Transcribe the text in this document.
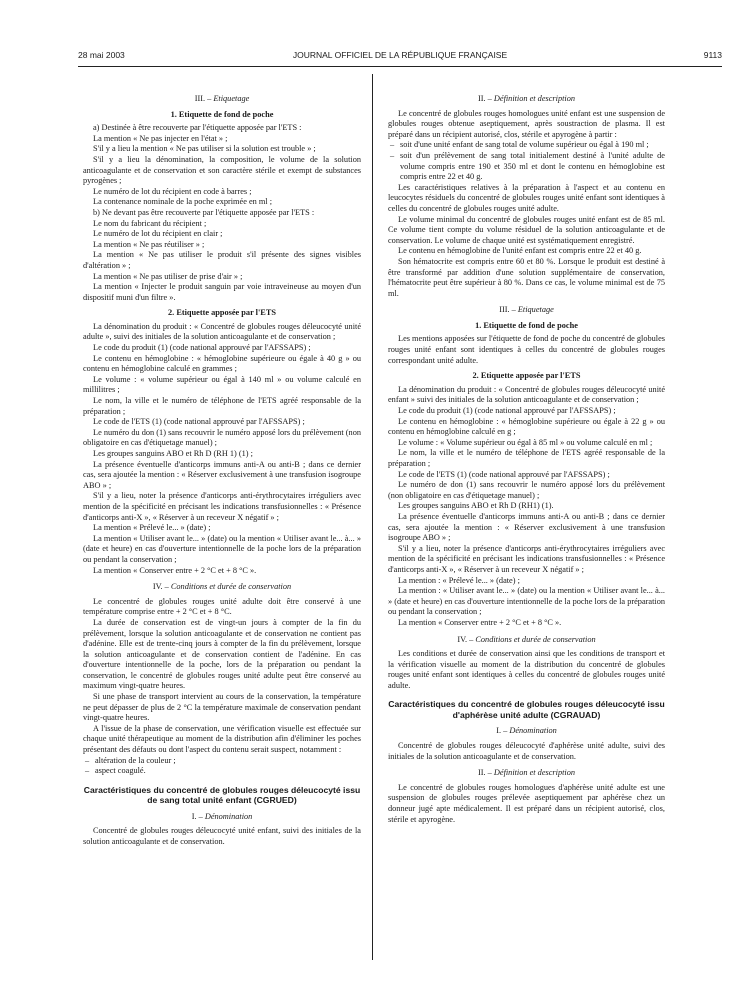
28 mai 2003	JOURNAL OFFICIEL DE LA RÉPUBLIQUE FRANÇAISE	9113
III. – Etiquetage
1. Etiquette de fond de poche

a) Destinée à être recouverte par l'étiquette apposée par l'ETS :

La mention « Ne pas injecter en l'état » ;

S'il y a lieu la mention « Ne pas utiliser si la solution est trouble » ;

S'il y a lieu la dénomination, la composition, le volume de la solution anticoagulante et de conservation et son caractère stérile et exempt de substances pyrogènes ;

Le numéro de lot du récipient en code à barres ;

La contenance nominale de la poche exprimée en ml ;

b) Ne devant pas être recouverte par l'étiquette apposée par l'ETS :

Le nom du fabricant du récipient ;

Le numéro de lot du récipient en clair ;

La mention « Ne pas réutiliser » ;

La mention « Ne pas utiliser le produit s'il présente des signes visibles d'altération » ;

La mention « Ne pas utiliser de prise d'air » ;

La mention « Injecter le produit sanguin par voie intraveineuse au moyen d'un dispositif muni d'un filtre ».

2. Etiquette apposée par l'ETS

La dénomination du produit : « Concentré de globules rouges déleucocyté unité adulte », suivi des initiales de la solution anticoagulante et de conservation ;

Le code du produit (1) (code national approuvé par l'AFSSAPS) ;

Le contenu en hémoglobine : « hémoglobine supérieure ou égale à 40 g » ou contenu en hémoglobine calculé en grammes ;

Le volume : « volume supérieur ou égal à 140 ml » ou volume calculé en millilitres ;

Le nom, la ville et le numéro de téléphone de l'ETS agréé responsable de la préparation ;

Le code de l'ETS (1) (code national approuvé par l'AFSSAPS) ;

Le numéro du don (1) sans recouvrir le numéro apposé lors du prélèvement (non obligatoire en cas d'étiquetage manuel) ;

Les groupes sanguins ABO et Rh D (RH 1) (1) ;

La présence éventuelle d'anticorps immuns anti-A ou anti-B ; dans ce dernier cas, sera ajoutée la mention : « Réserver exclusivement à une transfusion isogroupe ABO » ;

S'il y a lieu, noter la présence d'anticorps anti-érythrocytaires irréguliers avec mention de la spécificité en précisant les indications transfusionnelles : « Présence d'anticorps anti-X », « Réserver à un receveur X négatif » ;

La mention « Prélevé le... » (date) ;

La mention « Utiliser avant le... » (date) ou la mention « Utiliser avant le... à... » (date et heure) en cas d'ouverture intentionnelle de la poche lors de la préparation ou pendant la conservation ;

La mention « Conserver entre + 2 °C et + 8 °C ».

IV. – Conditions et durée de conservation

Le concentré de globules rouges unité adulte doit être conservé à une température comprise entre + 2 °C et + 8 °C.

La durée de conservation est de vingt-un jours à compter de la fin du prélèvement, lorsque la solution anticoagulante et de conservation ne contient pas d'adénine. Elle est de trente-cinq jours à compter de la fin du prélèvement, lorsque la solution anticoagulante et de conservation contient de l'adénine. En cas d'ouverture intentionnelle de la poche, lors de la préparation ou pendant la conservation, le concentré de globules rouges unité adulte peut être conservé au maximum vingt-quatre heures.

Si une phase de transport intervient au cours de la conservation, la température ne peut dépasser de plus de 2 °C la température maximale de conservation pendant vingt-quatre heures.

A l'issue de la phase de conservation, une vérification visuelle est effectuée sur chaque unité thérapeutique au moment de la distribution afin d'éliminer les poches présentant des défauts ou dont l'aspect du contenu serait suspect, notamment :

– altération de la couleur ;

– aspect coagulé.

Caractéristiques du concentré de globules rouges déleucocyté issu de sang total unité enfant (CGRUED)
I. – Dénomination

Concentré de globules rouges déleucocyté unité enfant, suivi des initiales de la solution anticoagulante et de conservation.

II. – Définition et description

Le concentré de globules rouges homologues unité enfant est une suspension de globules rouges obtenue aseptiquement, après soustraction de plasma. Il est préparé dans un récipient autorisé, clos, stérile et apyrogène à partir :

– soit d'une unité enfant de sang total de volume supérieur ou égal à 190 ml ;

– soit d'un prélèvement de sang total initialement destiné à l'unité adulte de volume compris entre 190 et 350 ml et dont le contenu en hémoglobine est compris entre 22 et 40 g.

Les caractéristiques relatives à la préparation à l'aspect et au contenu en leucocytes résiduels du concentré de globules rouges unité enfant sont identiques à celles du concentré de globules rouges unité adulte.

Le volume minimal du concentré de globules rouges unité enfant est de 85 ml. Ce volume tient compte du volume résiduel de la solution anticoagulante et de conservation. Le volume de chaque unité est systématiquement enregistré.

Le contenu en hémoglobine de l'unité enfant est compris entre 22 et 40 g.

Son hématocrite est compris entre 60 et 80 %. Lorsque le produit est destiné à être transformé par addition d'une solution supplémentaire de conservation, l'hématocrite peut être supérieur à 80 %. Dans ce cas, le volume minimal est de 75 ml.

III. – Etiquetage
1. Etiquette de fond de poche

Les mentions apposées sur l'étiquette de fond de poche du concentré de globules rouges unité enfant sont identiques à celles du concentré de globules rouges correspondant unité adulte.

2. Etiquette apposée par l'ETS

La dénomination du produit : « Concentré de globules rouges déleucocyté unité enfant » suivi des initiales de la solution anticoagulante et de conservation ;

Le code du produit (1) (code national approuvé par l'AFSSAPS) ;

Le contenu en hémoglobine : « hémoglobine supérieure ou égale à 22 g » ou contenu en hémoglobine calculé en g ;

Le volume : « Volume supérieur ou égal à 85 ml » ou volume calculé en ml ;

Le nom, la ville et le numéro de téléphone de l'ETS agréé responsable de la préparation ;

Le code de l'ETS (1) (code national approuvé par l'AFSSAPS) ;

Le numéro de don (1) sans recouvrir le numéro apposé lors du prélèvement (non obligatoire en cas d'étiquetage manuel) ;

Les groupes sanguins ABO et Rh D (RH1) (1).

La présence éventuelle d'anticorps immuns anti-A ou anti-B ; dans ce dernier cas, sera ajoutée la mention : « Réserver exclusivement à une transfusion isogroupe ABO » ;

S'il y a lieu, noter la présence d'anticorps anti-érythrocytaires irréguliers avec mention de la spécificité en précisant les indications transfusionnelles : « Présence d'anticorps anti-X », « Réserver à un receveur X négatif » ;

La mention : « Prélevé le... » (date) ;

La mention : « Utiliser avant le... » (date) ou la mention « Utiliser avant le... à... » (date et heure) en cas d'ouverture intentionnelle de la poche lors de la préparation ou pendant la conservation ;

La mention « Conserver entre + 2 °C et + 8 °C ».

IV. – Conditions et durée de conservation

Les conditions et durée de conservation ainsi que les conditions de transport et la vérification visuelle au moment de la distribution du concentré de globules rouges unité enfant sont identiques à celles du concentré de globules rouges unité adulte.

Caractéristiques du concentré de globules rouges déleucocyté issu d'aphérèse unité adulte (CGRAUAD)
I. – Dénomination

Concentré de globules rouges déleucocyté d'aphérèse unité adulte, suivi des initiales de la solution anticoagulante et de conservation.

II. – Définition et description

Le concentré de globules rouges homologues d'aphérèse unité adulte est une suspension de globules rouges prélevée aseptiquement par aphérèse chez un donneur jugé apte médicalement. Il est préparé dans un récipient autorisé, clos, stérile et apyrogène.
